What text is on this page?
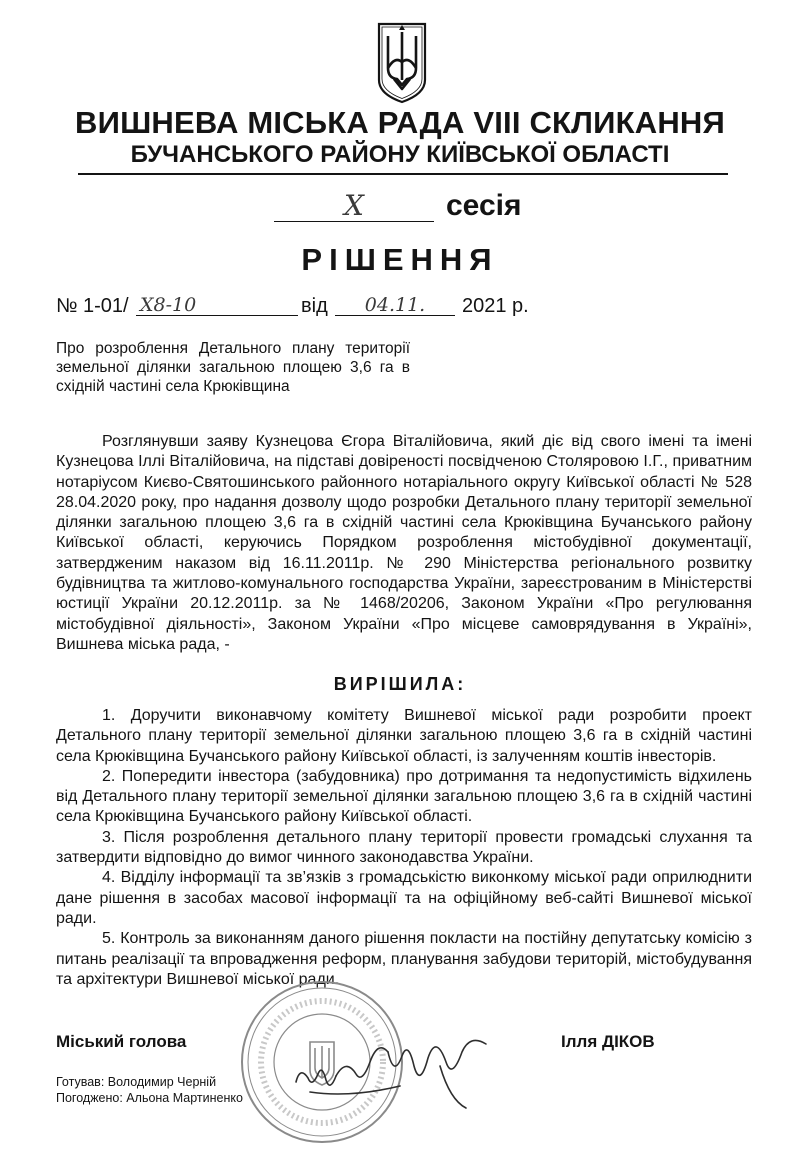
ВИШНЕВА МІСЬКА РАДА VIII СКЛИКАННЯ
БУЧАНСЬКОГО РАЙОНУ КИЇВСЬКОЇ ОБЛАСТІ
X	сесія
РІШЕННЯ
№ 1-01/ X8-10	від	04.11.	2021 р.
Про розроблення Детального плану території земельної ділянки загальною площею 3,6 га в східній частині села Крюківщина

Розглянувши заяву Кузнецова Єгора Віталійовича, який діє від свого імені та імені Кузнецова Іллі Віталійовича, на підставі довіреності посвідченою Столяровою І.Г., приватним нотаріусом Києво-Святошинського районного нотаріального округу Київської області № 528 28.04.2020 року, про надання дозволу щодо розробки Детального плану території земельної ділянки загальною площею 3,6 га в східній частині села Крюківщина Бучанського району Київської області, керуючись Порядком розроблення містобудівної документації, затвердженим наказом від 16.11.2011р. № 290 Міністерства регіонального розвитку будівництва та житлово-комунального господарства України, зареєстрованим в Міністерстві юстиції України 20.12.2011р. за № 1468/20206, Законом України «Про регулювання містобудівної діяльності», Законом України «Про місцеве самоврядування в Україні», Вишнева міська рада, -

ВИРІШИЛА:

1. Доручити виконавчому комітету Вишневої міської ради розробити проект Детального плану території земельної ділянки загальною площею 3,6 га в східній частині села Крюківщина Бучанського району Київської області, із залученням коштів інвесторів.

2. Попередити інвестора (забудовника) про дотримання та недопустимість відхилень від Детального плану території земельної ділянки загальною площею 3,6 га в східній частині села Крюківщина Бучанського району Київської області.

3. Після розроблення детального плану території провести громадські слухання та затвердити відповідно до вимог чинного законодавства України.

4. Відділу інформації та зв’язків з громадськістю виконкому міської ради оприлюднити дане рішення в засобах масової інформації та на офіційному веб-сайті Вишневої міської ради.

5. Контроль за виконанням даного рішення покласти на постійну депутатську комісію з питань реалізації та впровадження реформ, планування забудови територій, містобудування та архітектури Вишневої міської ради.

Міський голова	Ілля ДІКОВ
Готував: Володимир Черній
Погоджено: Альона Мартиненко
